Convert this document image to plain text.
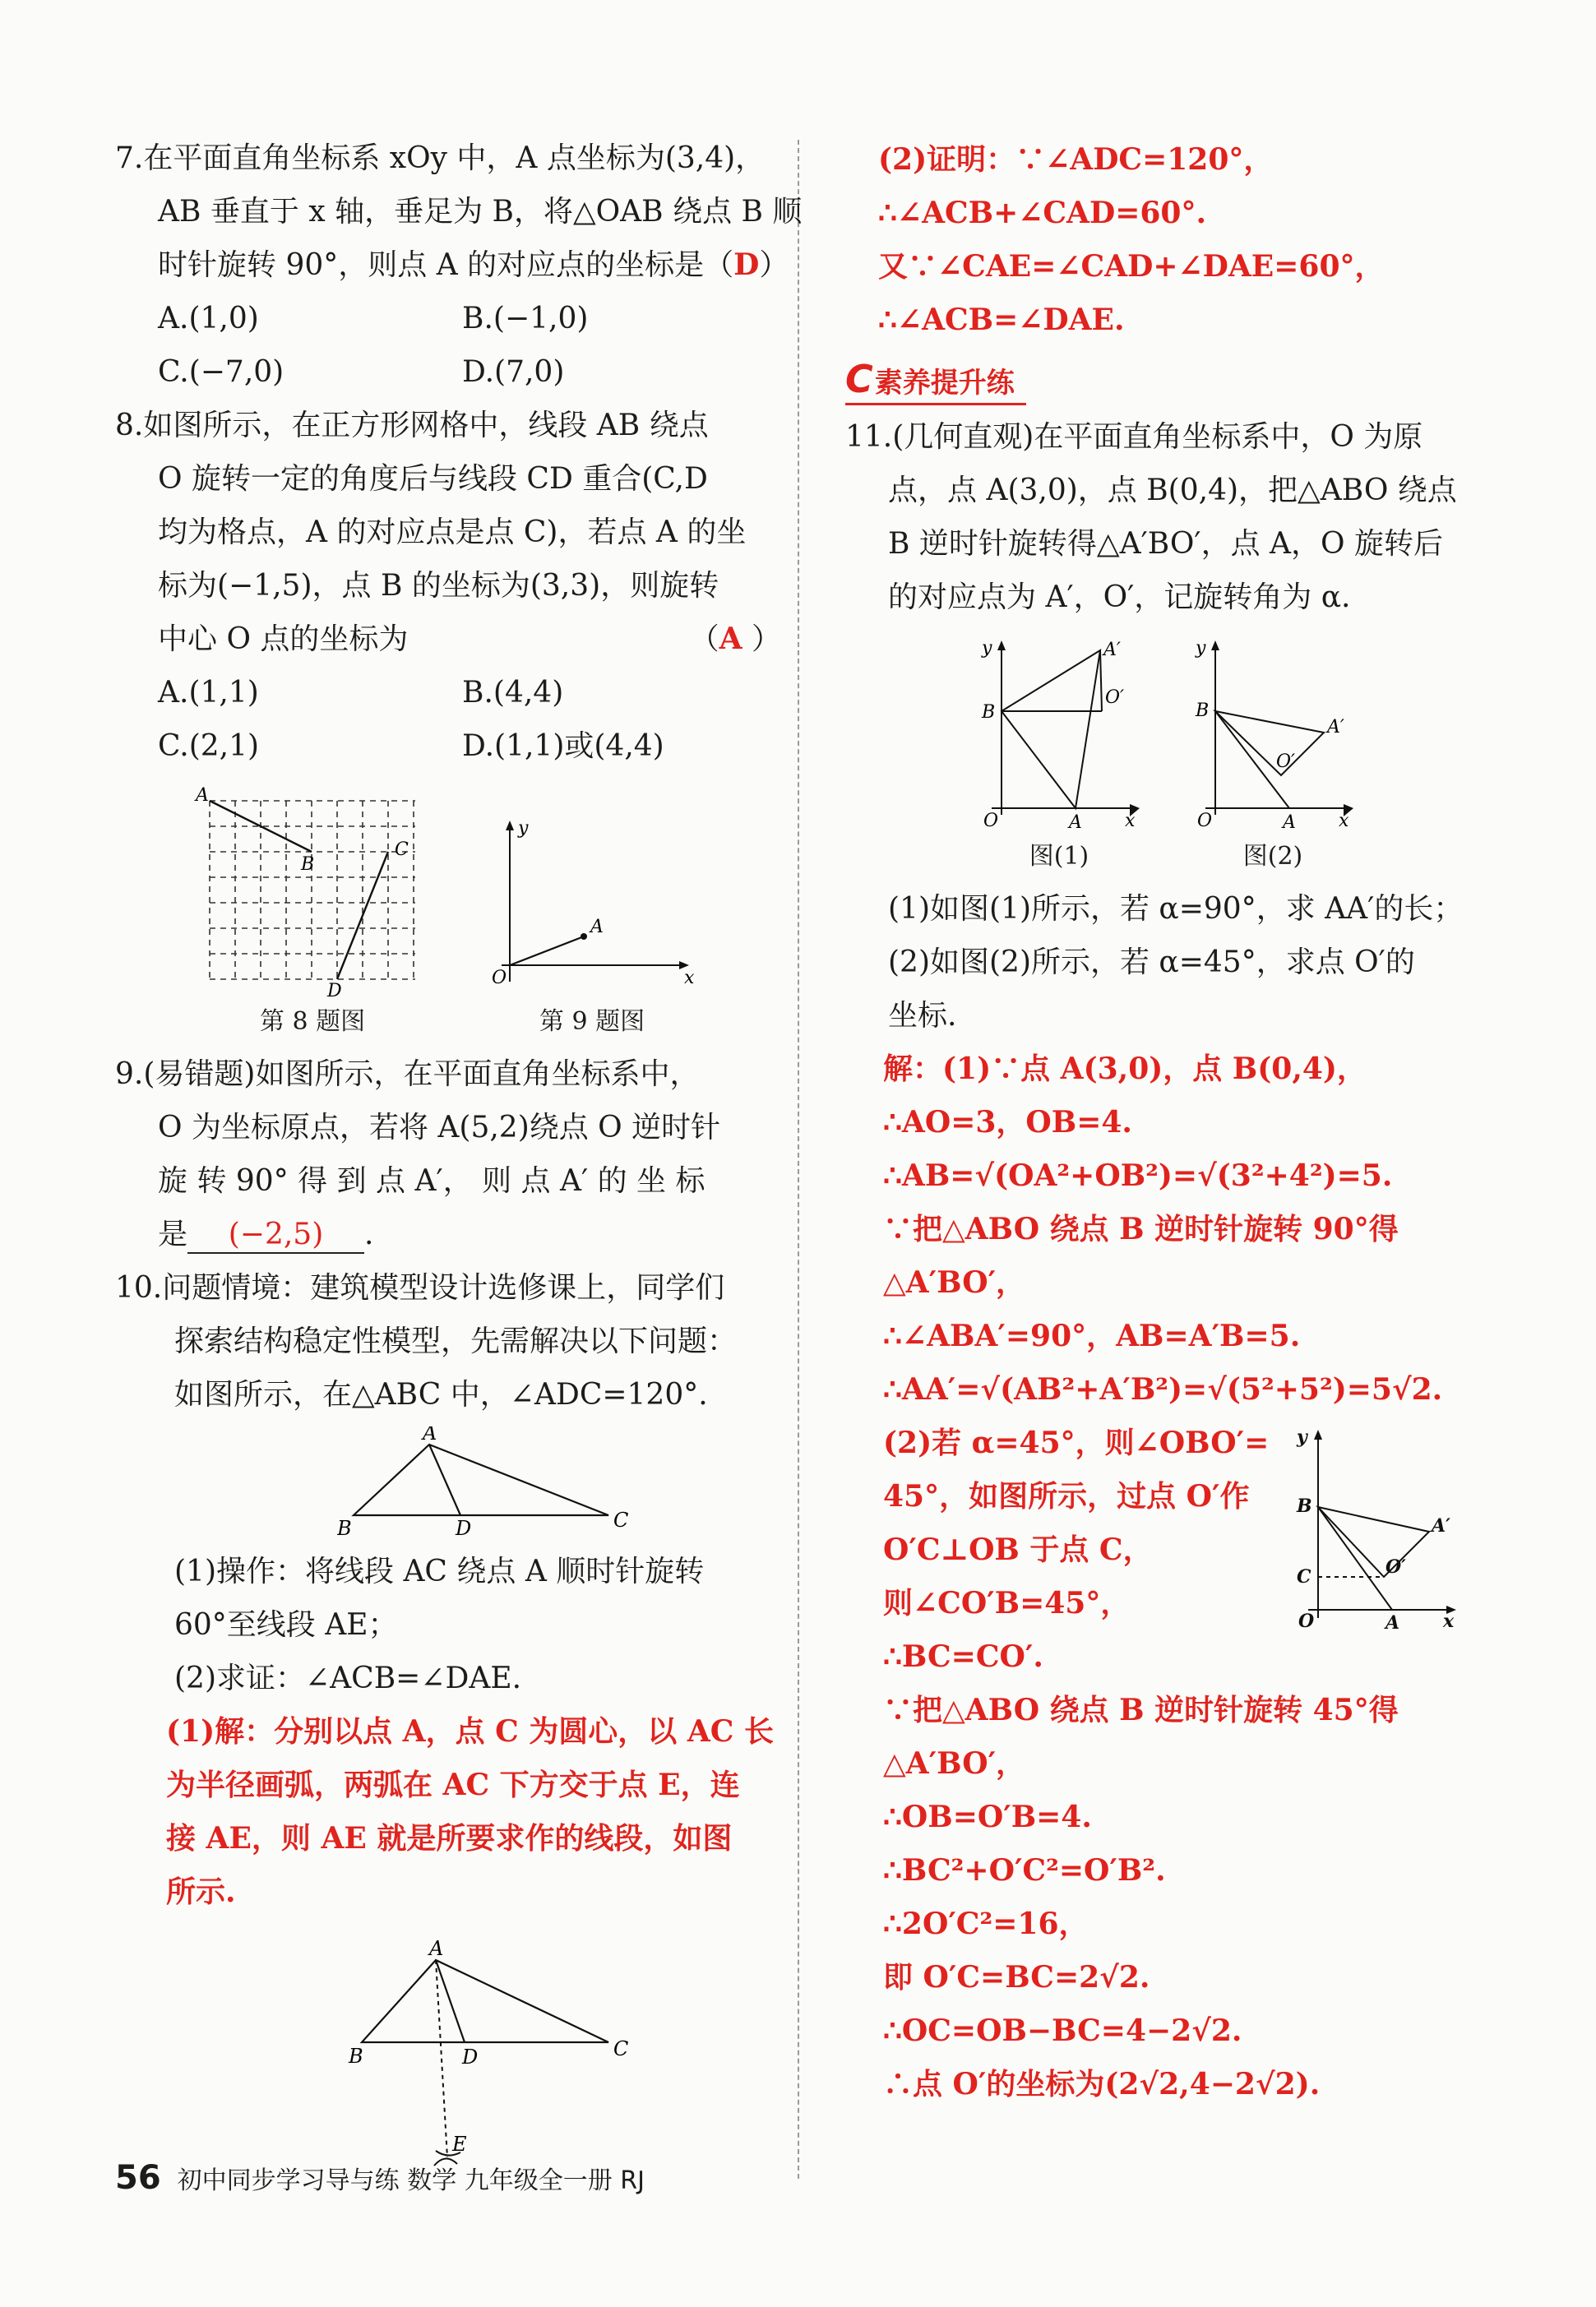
7.在平面直角坐标系 xOy 中，A 点坐标为(3,4)，
AB 垂直于 x 轴，垂足为 B，将△OAB 绕点 B 顺
时针旋转 90°，则点 A 的对应点的坐标是（D）
A.(1,0)	B.(−1,0)
C.(−7,0)	D.(7,0)
8.如图所示，在正方形网格中，线段 AB 绕点
O 旋转一定的角度后与线段 CD 重合(C,D
均为格点，A 的对应点是点 C)，若点 A 的坐
标为(−1,5)，点 B 的坐标为(3,3)，则旋转
中心 O 点的坐标为	（A ）
A.(1,1)	B.(4,4)
C.(2,1)	D.(1,1)或(4,4)
A
B
C
D
第 8 题图
y
A
O	x
第 9 题图
9.(易错题)如图所示，在平面直角坐标系中，
O 为坐标原点，若将 A(5,2)绕点 O 逆时针
旋 转 90° 得 到 点 A′， 则 点 A′ 的 坐 标
是 (−2,5) .
10.问题情境：建筑模型设计选修课上，同学们
探索结构稳定性模型，先需解决以下问题：
如图所示，在△ABC 中，∠ADC=120°.
A
B	D	C
(1)操作：将线段 AC 绕点 A 顺时针旋转
60°至线段 AE；
(2)求证：∠ACB=∠DAE.
(1)解：分别以点 A，点 C 为圆心，以 AC 长
为半径画弧，两弧在 AC 下方交于点 E，连
接 AE，则 AE 就是所要求作的线段，如图
所示.
A
B	D	C
E
(2)证明：∵∠ADC=120°，
∴∠ACB+∠CAD=60°.
又∵∠CAE=∠CAD+∠DAE=60°，
∴∠ACB=∠DAE.
C素养提升练
11.(几何直观)在平面直角坐标系中，O 为原
点，点 A(3,0)，点 B(0,4)，把△ABO 绕点
B 逆时针旋转得△A′BO′，点 A，O 旋转后
的对应点为 A′，O′，记旋转角为 α.
y	A′
O′
B
O	A x
图(1)
y
A′
O′
B
O	A x
图(2)
(1)如图(1)所示，若 α=90°，求 AA′的长；
(2)如图(2)所示，若 α=45°，求点 O′的
坐标.
解：(1)∵点 A(3,0)，点 B(0,4)，
∴AO=3，OB=4.
∴AB=√(OA²+OB²)=√(3²+4²)=5.
∵把△ABO 绕点 B 逆时针旋转 90°得
△A′BO′，
∴∠ABA′=90°，AB=A′B=5.
∴AA′=√(AB²+A′B²)=√(5²+5²)=5√2.
(2)若 α=45°，则∠OBO′=
45°，如图所示，过点 O′作
O′C⊥OB 于点 C，
则∠CO′B=45°，
∴BC=CO′.
y
B
A′
C	O′
O	A x
∵把△ABO 绕点 B 逆时针旋转 45°得
△A′BO′，
∴OB=O′B=4.
∴BC²+O′C²=O′B².
∴2O′C²=16，
即 O′C=BC=2√2.
∴OC=OB−BC=4−2√2.
∴点 O′的坐标为(2√2,4−2√2).
56 初中同步学习导与练 数学 九年级全一册 RJ
